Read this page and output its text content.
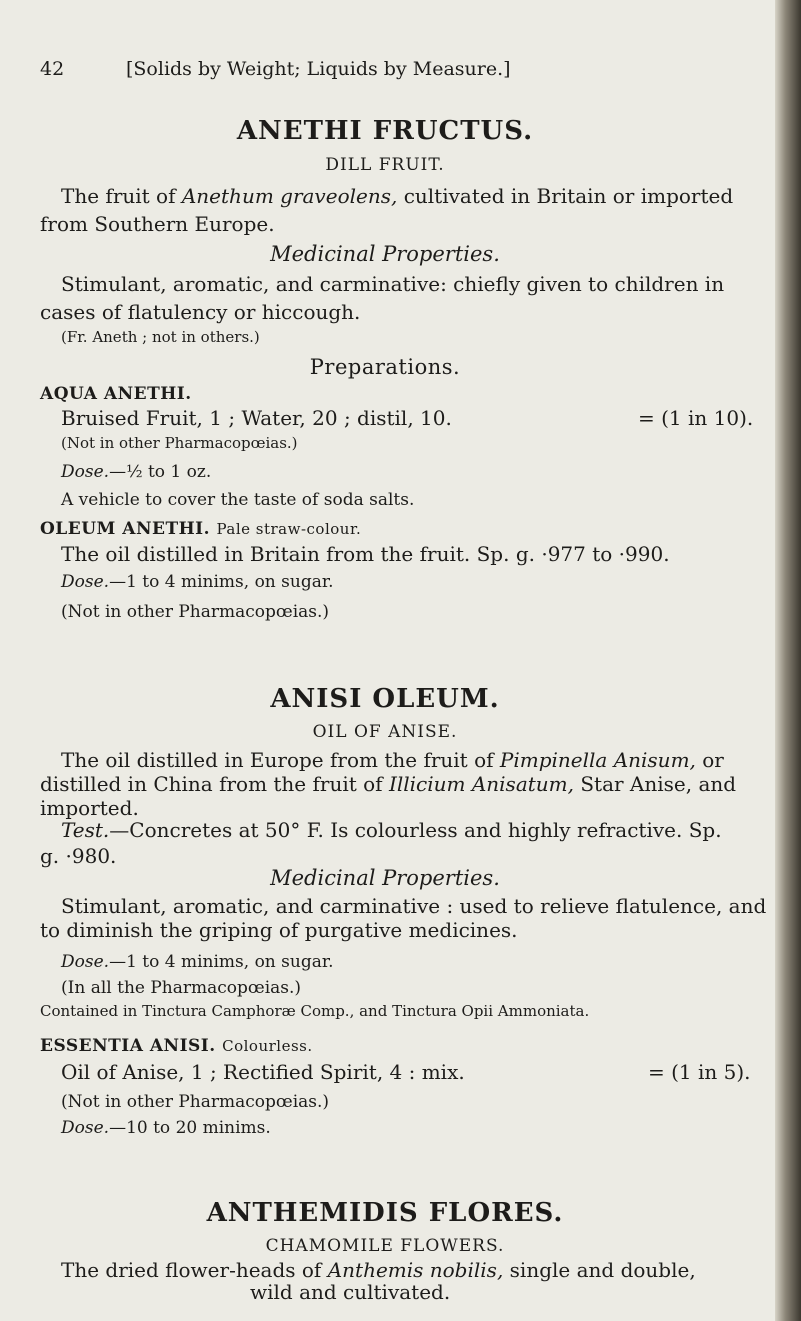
42	[Solids by Weight; Liquids by Measure.]
ANETHI FRUCTUS.
DILL FRUIT.
The fruit of Anethum graveolens, cultivated in Britain or imported
from Southern Europe.
Medicinal Properties.
Stimulant, aromatic, and carminative: chiefly given to children in
cases of flatulency or hiccough.
(Fr. Aneth ; not in others.)
Preparations.
AQUA ANETHI.
Bruised Fruit, 1 ; Water, 20 ; distil, 10.	= (1 in 10).
(Not in other Pharmacopœias.)
Dose.—½ to 1 oz.
A vehicle to cover the taste of soda salts.
OLEUM ANETHI. Pale straw-colour.
The oil distilled in Britain from the fruit. Sp. g. ·977 to ·990.
Dose.—1 to 4 minims, on sugar.
(Not in other Pharmacopœias.)
ANISI OLEUM.
OIL OF ANISE.
The oil distilled in Europe from the fruit of Pimpinella Anisum, or
distilled in China from the fruit of Illicium Anisatum, Star Anise, and
imported.
Test.—Concretes at 50° F. Is colourless and highly refractive. Sp.
g. ·980.
Medicinal Properties.
Stimulant, aromatic, and carminative : used to relieve flatulence, and
to diminish the griping of purgative medicines.
Dose.—1 to 4 minims, on sugar.
(In all the Pharmacopœias.)
Contained in Tinctura Camphoræ Comp., and Tinctura Opii Ammoniata.
ESSENTIA ANISI. Colourless.
Oil of Anise, 1 ; Rectified Spirit, 4 : mix.	= (1 in 5).
(Not in other Pharmacopœias.)
Dose.—10 to 20 minims.
ANTHEMIDIS FLORES.
CHAMOMILE FLOWERS.
The dried flower-heads of Anthemis nobilis, single and double,
wild and cultivated.
